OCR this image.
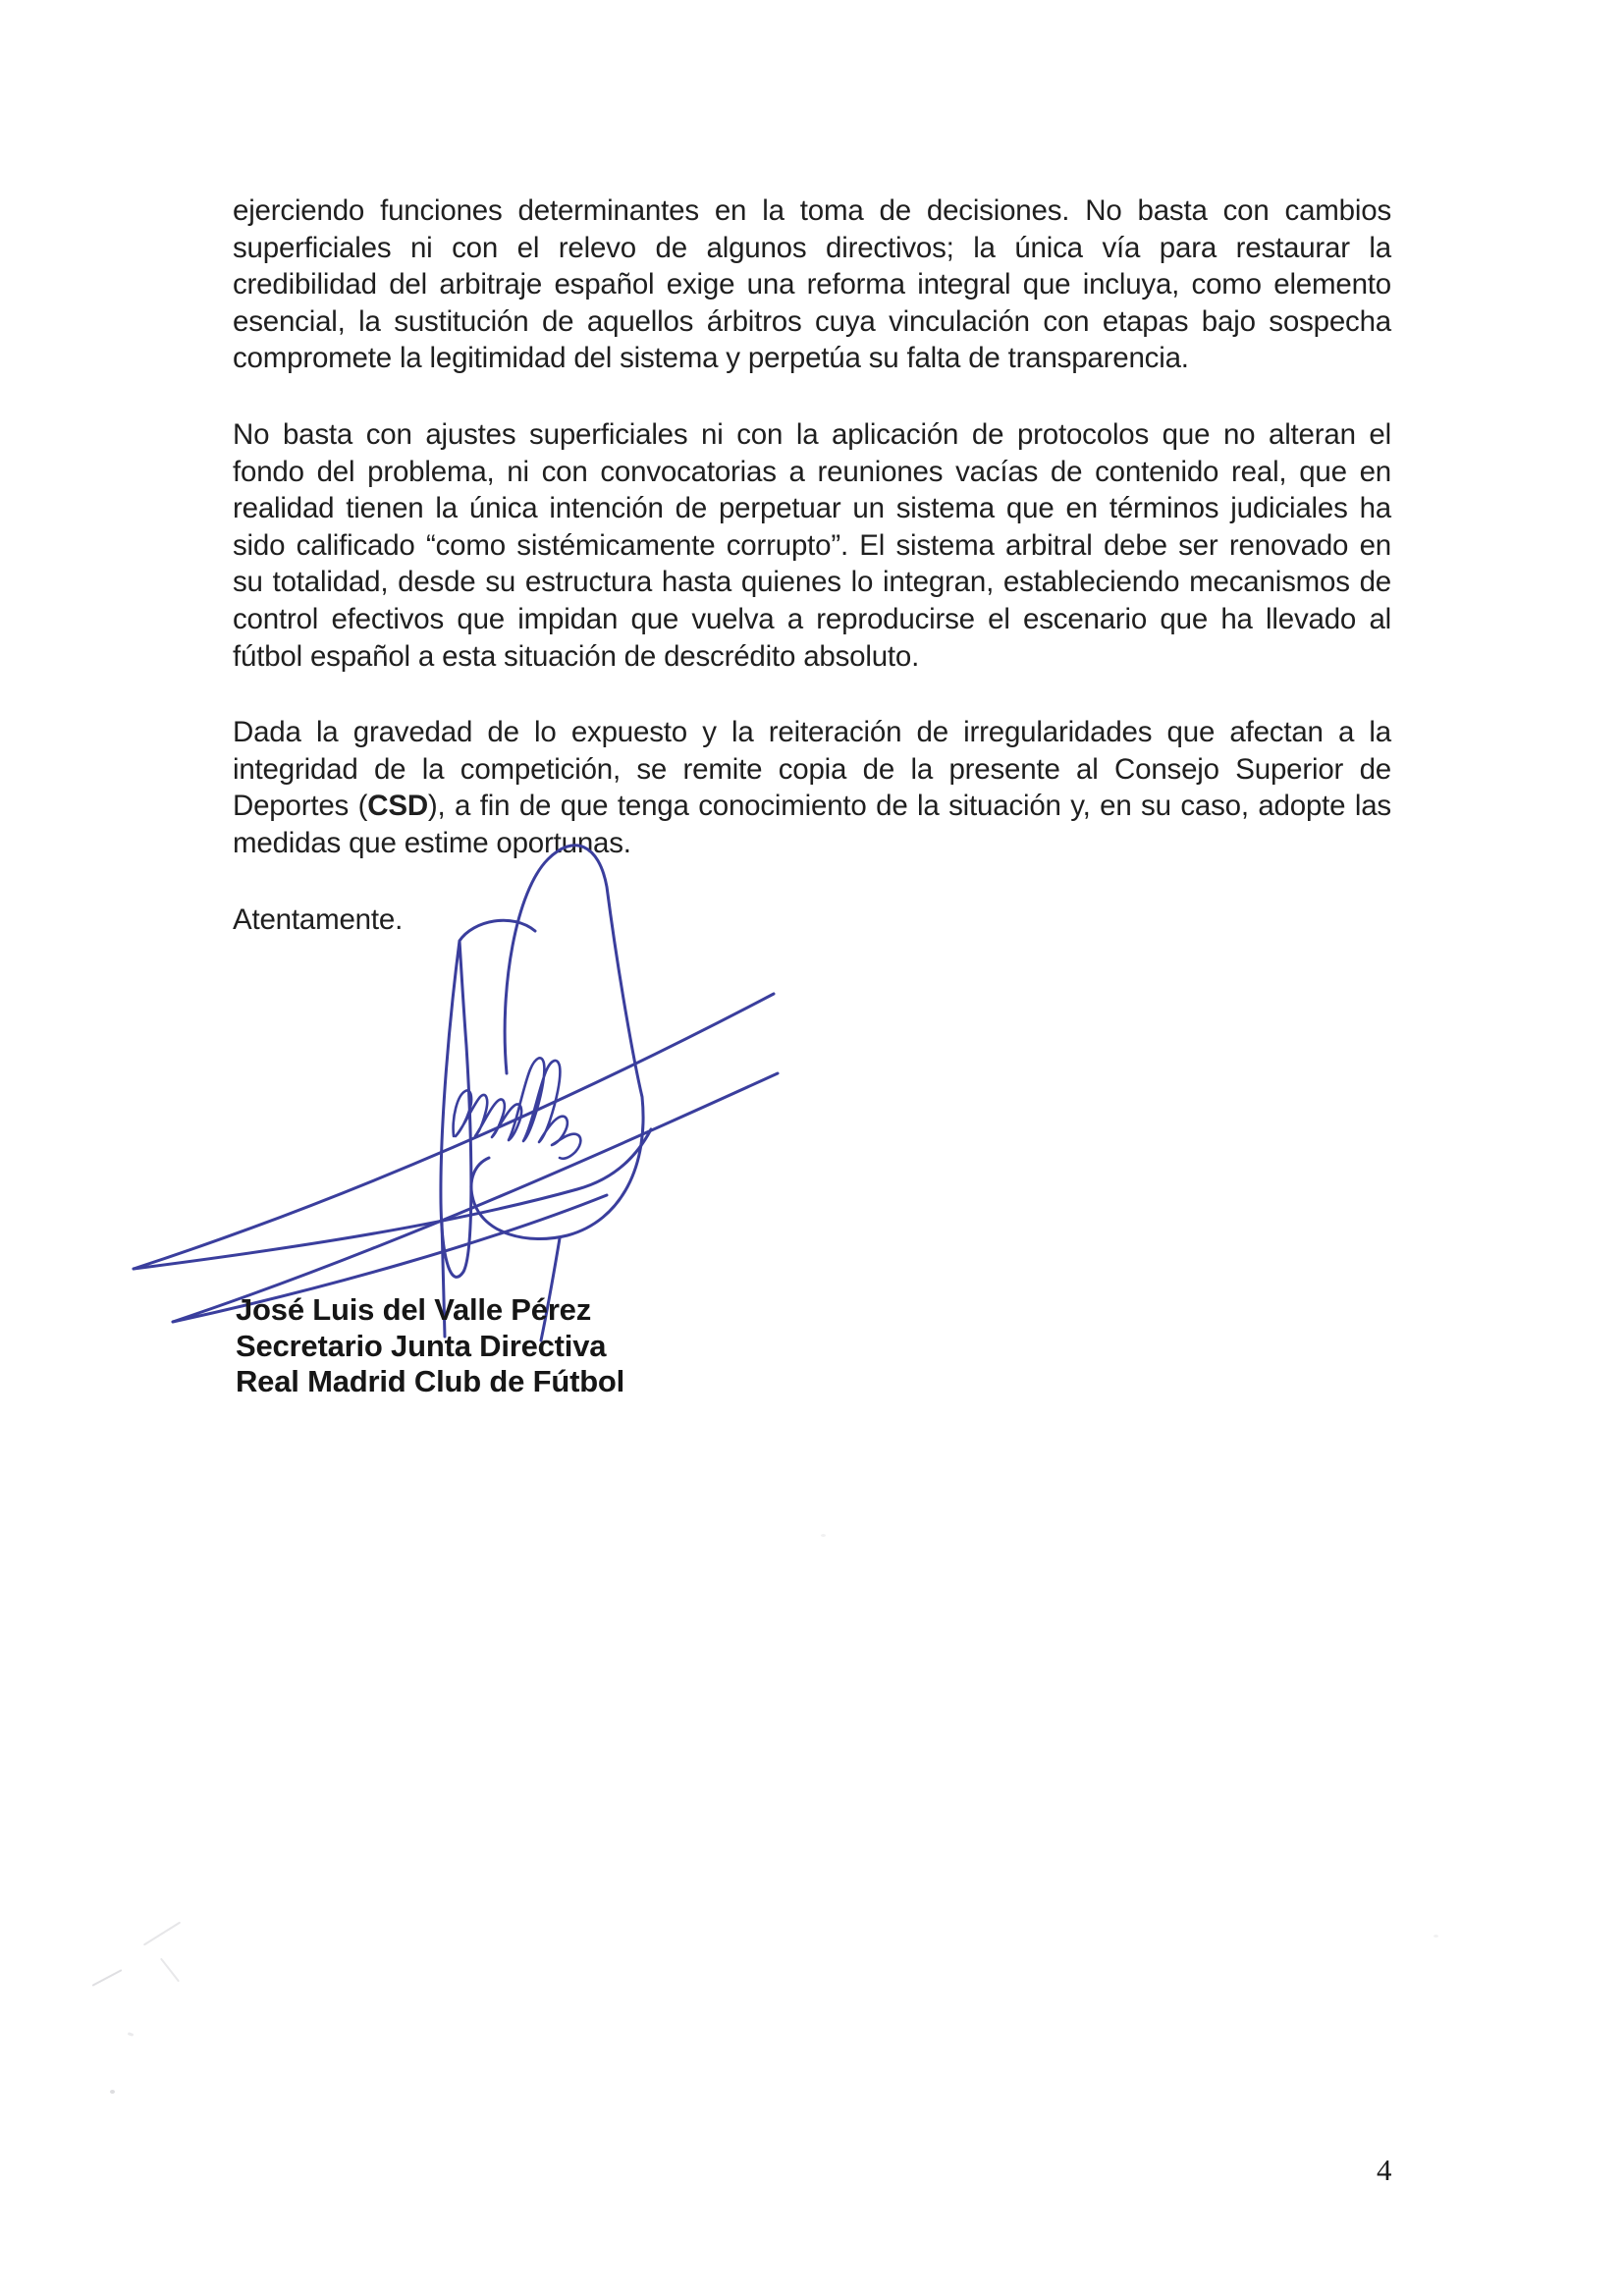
ejerciendo funciones determinantes en la toma de decisiones. No basta con cambios superficiales ni con el relevo de algunos directivos; la única vía para restaurar la credibilidad del arbitraje español exige una reforma integral que incluya, como elemento esencial, la sustitución de aquellos árbitros cuya vinculación con etapas bajo sospecha compromete la legitimidad del sistema y perpetúa su falta de transparencia.

No basta con ajustes superficiales ni con la aplicación de protocolos que no alteran el fondo del problema, ni con convocatorias a reuniones vacías de contenido real, que en realidad tienen la única intención de perpetuar un sistema que en términos judiciales ha sido calificado “como sistémicamente corrupto”. El sistema arbitral debe ser renovado en su totalidad, desde su estructura hasta quienes lo integran, estableciendo mecanismos de control efectivos que impidan que vuelva a reproducirse el escenario que ha llevado al fútbol español a esta situación de descrédito absoluto.

Dada la gravedad de lo expuesto y la reiteración de irregularidades que afectan a la integridad de la competición, se remite copia de la presente al Consejo Superior de Deportes (CSD), a fin de que tenga conocimiento de la situación y, en su caso, adopte las medidas que estime oportunas.

Atentamente.

José Luis del Valle Pérez
Secretario Junta Directiva
Real Madrid Club de Fútbol
4
